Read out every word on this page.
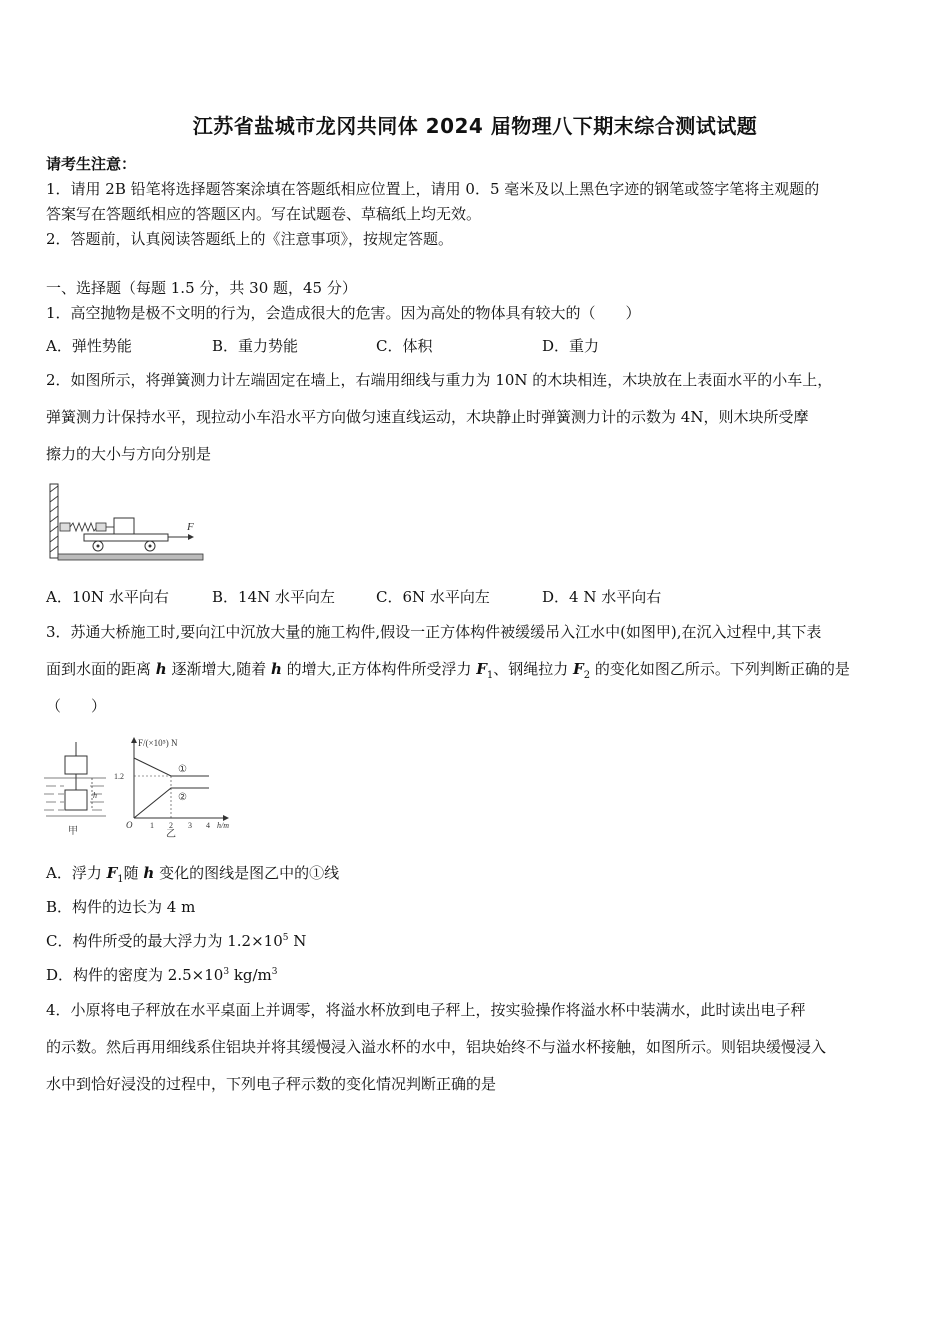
江苏省盐城市龙冈共同体 2024 届物理八下期末综合测试试题
请考生注意：
1．请用 2B 铅笔将选择题答案涂填在答题纸相应位置上，请用 0．5 毫米及以上黑色字迹的钢笔或签字笔将主观题的
答案写在答题纸相应的答题区内。写在试题卷、草稿纸上均无效。
2．答题前，认真阅读答题纸上的《注意事项》，按规定答题。
一、选择题（每题 1.5 分，共 30 题，45 分）
1．高空抛物是极不文明的行为，会造成很大的危害。因为高处的物体具有较大的（　　）
A．弹性势能	B．重力势能	C．体积	D．重力
2．如图所示，将弹簧测力计左端固定在墙上，右端用细线与重力为 10N 的木块相连，木块放在上表面水平的小车上，
弹簧测力计保持水平，现拉动小车沿水平方向做匀速直线运动，木块静止时弹簧测力计的示数为 4N，则木块所受摩
擦力的大小与方向分别是
F
A．10N 水平向右	B．14N 水平向左	C．6N 水平向左	D．4 N 水平向右
3．苏通大桥施工时,要向江中沉放大量的施工构件,假设一正方体构件被缓缓吊入江水中(如图甲),在沉入过程中,其下表
面到水面的距离 h 逐渐增大,随着 h 的增大,正方体构件所受浮力 $F_1$、钢绳拉力 $F_2$ 的变化如图乙所示。下列判断正确的是
（　　）
h
甲
F/(×10⁵) N
1.2
O 1 2 3 4 h/m
①
②
乙
A．浮力 $F_1$随 h 变化的图线是图乙中的①线
B．构件的边长为 4 m
C．构件所受的最大浮力为 $1.2\times 10^5$ N
D．构件的密度为 $2.5\times 10^3$ $kg/m^3$
4．小原将电子秤放在水平桌面上并调零，将溢水杯放到电子秤上，按实验操作将溢水杯中装满水，此时读出电子秤
的示数。然后再用细线系住铝块并将其缓慢浸入溢水杯的水中，铝块始终不与溢水杯接触，如图所示。则铝块缓慢浸入
水中到恰好浸没的过程中，下列电子秤示数的变化情况判断正确的是
